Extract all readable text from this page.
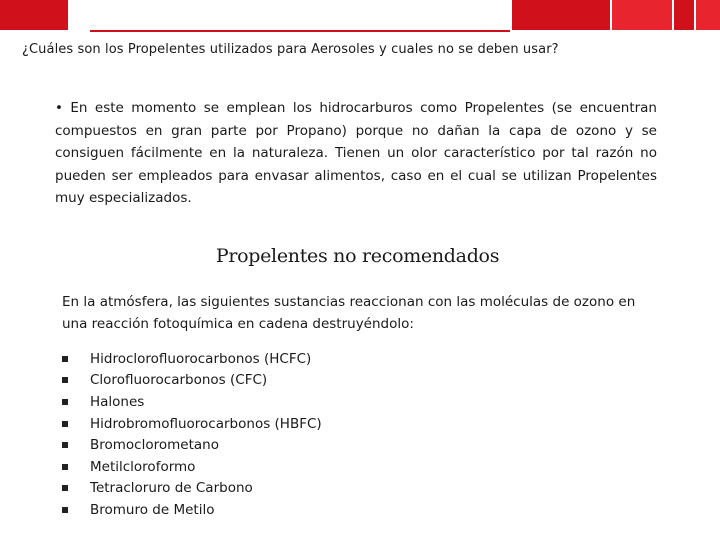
¿Cuáles son los Propelentes utilizados para Aerosoles y cuales no se deben usar?

• En este momento se emplean los hidrocarburos como Propelentes (se encuentran compuestos en gran parte por Propano) porque no dañan la capa de ozono y se consiguen fácilmente en la naturaleza. Tienen un olor característico por tal razón no pueden ser empleados para envasar alimentos, caso en el cual se utilizan Propelentes muy especializados.

Propelentes no recomendados

En la atmósfera, las siguientes sustancias reaccionan con las moléculas de ozono en una reacción fotoquímica en cadena destruyéndolo:

Hidroclorofluorocarbonos (HCFC)
Clorofluorocarbonos (CFC)
Halones
Hidrobromofluorocarbonos (HBFC)
Bromoclorometano
Metilcloroformo
Tetracloruro de Carbono
Bromuro de Metilo
